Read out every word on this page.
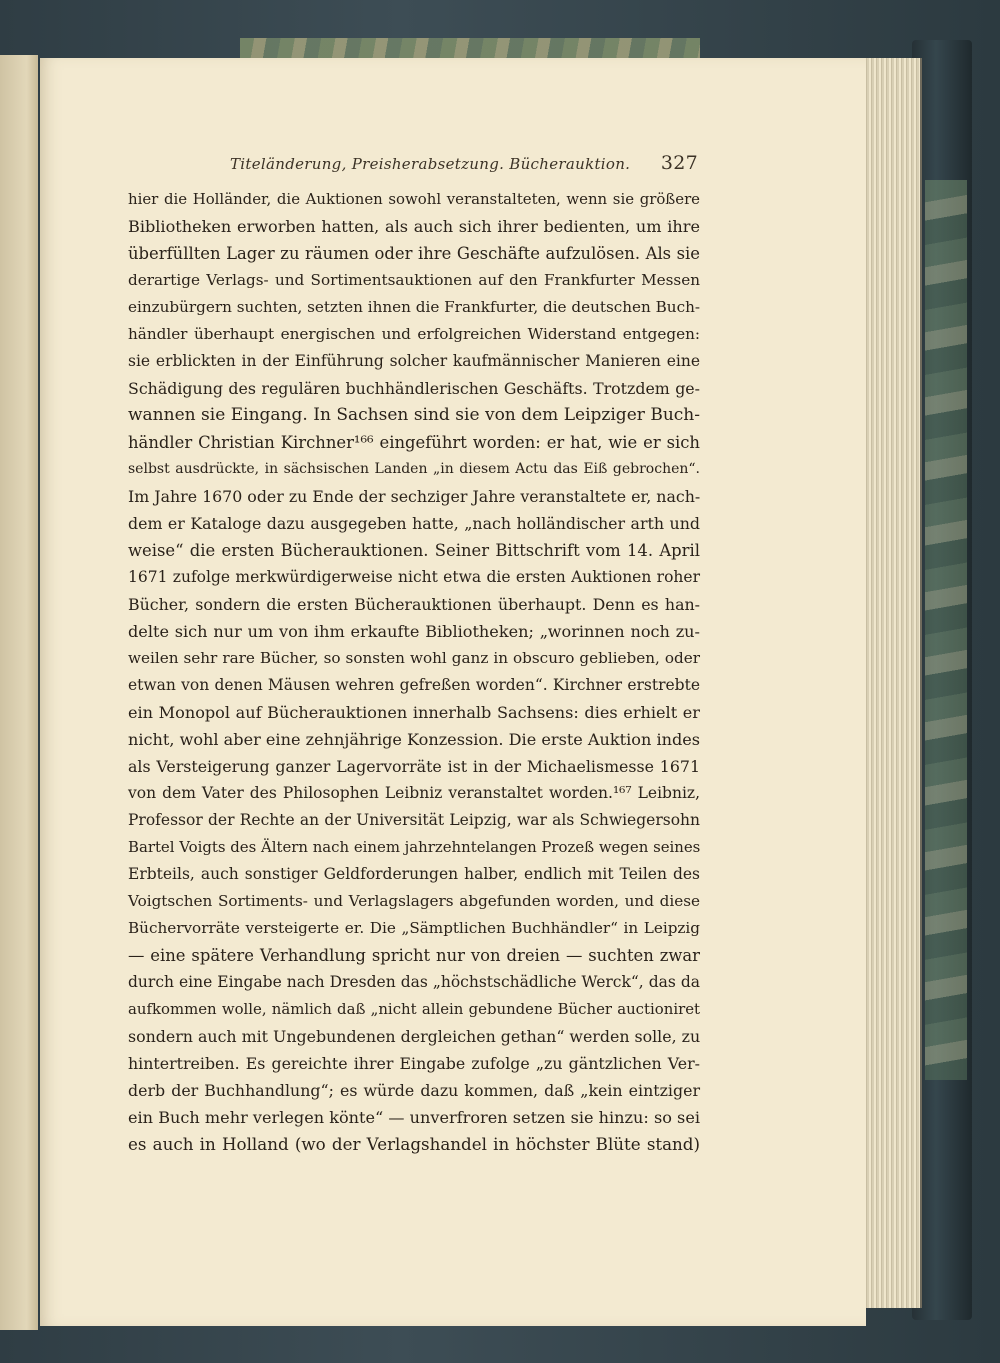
Titeländerung, Preisherabsetzung. Bücherauktion. 327
hier die Holländer, die Auktionen sowohl veranstalteten, wenn sie größere
Bibliotheken erworben hatten, als auch sich ihrer bedienten, um ihre
überfüllten Lager zu räumen oder ihre Geschäfte aufzulösen. Als sie
derartige Verlags- und Sortimentsauktionen auf den Frankfurter Messen
einzubürgern suchten, setzten ihnen die Frankfurter, die deutschen Buch-
händler überhaupt energischen und erfolgreichen Widerstand entgegen:
sie erblickten in der Einführung solcher kaufmännischer Manieren eine
Schädigung des regulären buchhändlerischen Geschäfts. Trotzdem ge-
wannen sie Eingang. In Sachsen sind sie von dem Leipziger Buch-
händler Christian Kirchner¹⁶⁶ eingeführt worden: er hat, wie er sich
selbst ausdrückte, in sächsischen Landen „in diesem Actu das Eiß gebrochen“.
Im Jahre 1670 oder zu Ende der sechziger Jahre veranstaltete er, nach-
dem er Kataloge dazu ausgegeben hatte, „nach holländischer arth und
weise“ die ersten Bücherauktionen. Seiner Bittschrift vom 14. April
1671 zufolge merkwürdigerweise nicht etwa die ersten Auktionen roher
Bücher, sondern die ersten Bücherauktionen überhaupt. Denn es han-
delte sich nur um von ihm erkaufte Bibliotheken; „worinnen noch zu-
weilen sehr rare Bücher, so sonsten wohl ganz in obscuro geblieben, oder
etwan von denen Mäusen wehren gefreßen worden“. Kirchner erstrebte
ein Monopol auf Bücherauktionen innerhalb Sachsens: dies erhielt er
nicht, wohl aber eine zehnjährige Konzession. Die erste Auktion indes
als Versteigerung ganzer Lagervorräte ist in der Michaelismesse 1671
von dem Vater des Philosophen Leibniz veranstaltet worden.¹⁶⁷ Leibniz,
Professor der Rechte an der Universität Leipzig, war als Schwiegersohn
Bartel Voigts des Ältern nach einem jahrzehntelangen Prozeß wegen seines
Erbteils, auch sonstiger Geldforderungen halber, endlich mit Teilen des
Voigtschen Sortiments- und Verlagslagers abgefunden worden, und diese
Büchervorräte versteigerte er. Die „Sämptlichen Buchhändler“ in Leipzig
— eine spätere Verhandlung spricht nur von dreien — suchten zwar
durch eine Eingabe nach Dresden das „höchstschädliche Werck“, das da
aufkommen wolle, nämlich daß „nicht allein gebundene Bücher auctioniret
sondern auch mit Ungebundenen dergleichen gethan“ werden solle, zu
hintertreiben. Es gereichte ihrer Eingabe zufolge „zu gäntzlichen Ver-
derb der Buchhandlung“; es würde dazu kommen, daß „kein eintziger
ein Buch mehr verlegen könte“ — unverfroren setzen sie hinzu: so sei
es auch in Holland (wo der Verlagshandel in höchster Blüte stand)
